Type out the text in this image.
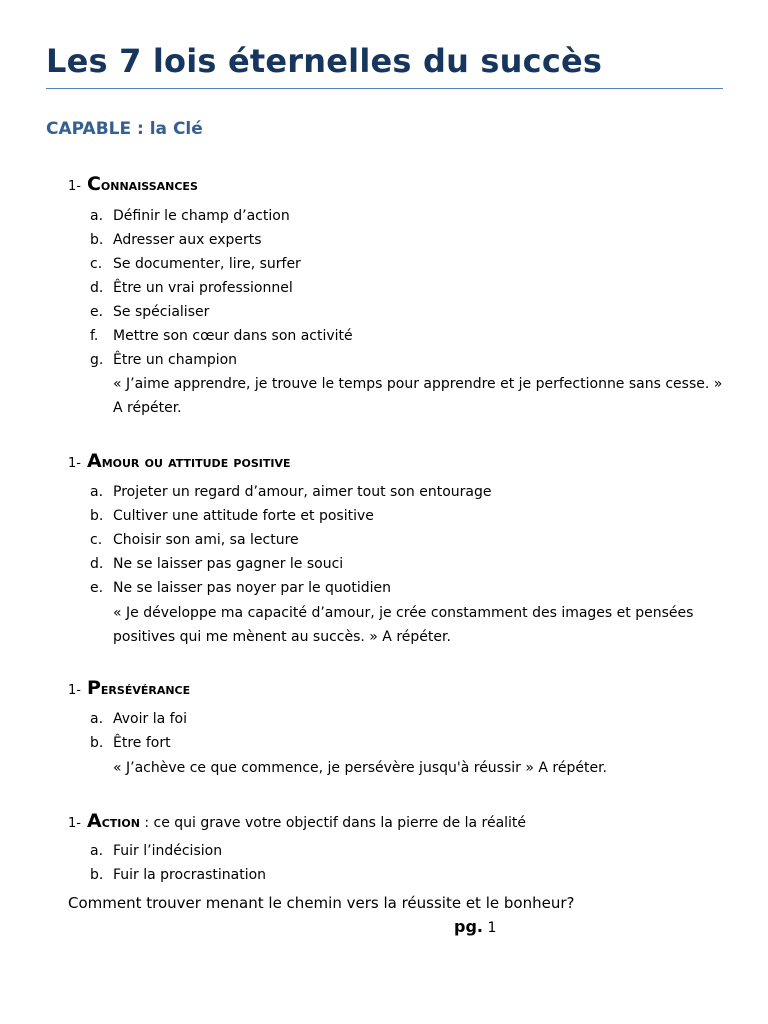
Les 7 lois éternelles du succès
CAPABLE : la Clé
1- Connaissances
a. Définir le champ d’action
b. Adresser aux experts
c. Se documenter, lire, surfer
d. Être un vrai professionnel
e. Se spécialiser
f. Mettre son cœur dans son activité
g. Être un champion
« J’aime apprendre, je trouve le temps pour apprendre et je perfectionne sans cesse. »
A répéter.
1- Amour ou attitude positive
a. Projeter un regard d’amour, aimer tout son entourage
b. Cultiver une attitude forte et positive
c. Choisir son ami, sa lecture
d. Ne se laisser pas gagner le souci
e. Ne se laisser pas noyer par le quotidien
« Je développe ma capacité d’amour, je crée constamment des images et pensées
positives qui me mènent au succès. » A répéter.
1- Persévérance
a. Avoir la foi
b. Être fort
« J’achève ce que commence, je persévère jusqu'à réussir » A répéter.
1- Action : ce qui grave votre objectif dans la pierre de la réalité
a. Fuir l’indécision
b. Fuir la procrastination
Comment trouver menant le chemin vers la réussite et le bonheur?
pg. 1
